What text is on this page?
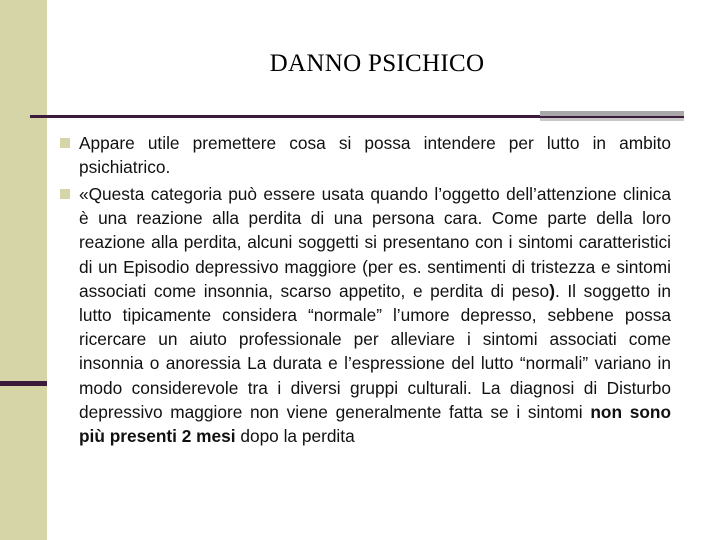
DANNO PSICHICO

Appare utile premettere cosa si possa intendere per lutto in ambito psichiatrico.

«Questa categoria può essere usata quando l’oggetto dell’attenzione clinica è una reazione alla perdita di una persona cara. Come parte della loro reazione alla perdita, alcuni soggetti si presentano con i sintomi caratteristici di un Episodio depressivo maggiore (per es. sentimenti di tristezza e sintomi associati come insonnia, scarso appetito, e perdita di peso). Il soggetto in lutto tipicamente considera “normale” l’umore depresso, sebbene possa ricercare un aiuto professionale per alleviare i sintomi associati come insonnia o anoressia La durata e l’espressione del lutto “normali” variano in modo considerevole tra i diversi gruppi culturali. La diagnosi di Disturbo depressivo maggiore non viene generalmente fatta se i sintomi non sono più presenti 2 mesi dopo la perdita
